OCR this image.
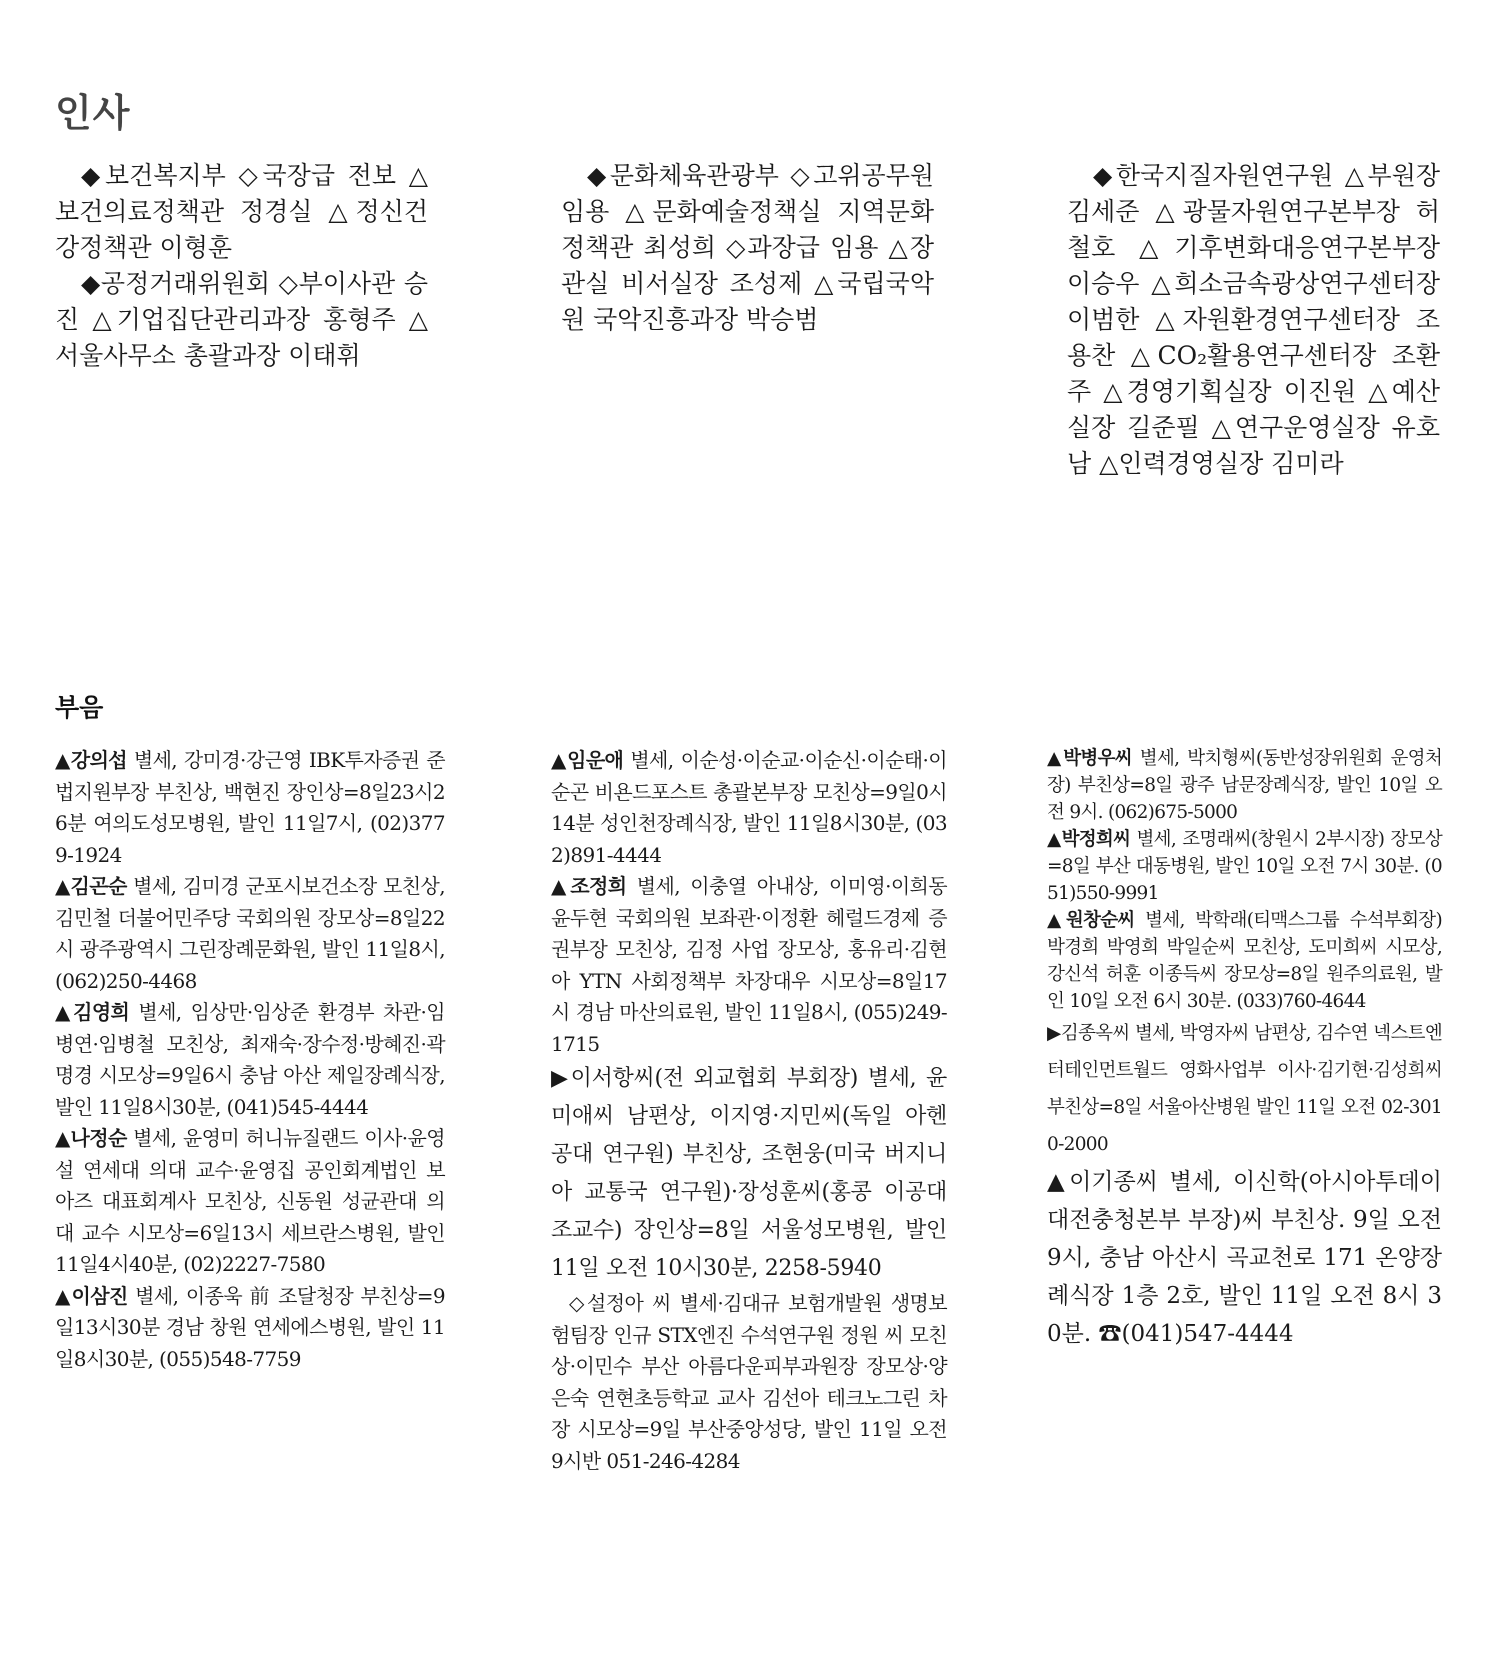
인사

◆보건복지부 ◇국장급 전보 △보건의료정책관 정경실 △정신건강정책관 이형훈

◆공정거래위원회 ◇부이사관 승진 △기업집단관리과장 홍형주 △서울사무소 총괄과장 이태휘

◆문화체육관광부 ◇고위공무원 임용 △문화예술정책실 지역문화정책관 최성희 ◇과장급 임용 △장관실 비서실장 조성제 △국립국악원 국악진흥과장 박승범

◆한국지질자원연구원 △부원장 김세준 △광물자원연구본부장 허철호 △기후변화대응연구본부장 이승우 △희소금속광상연구센터장 이범한 △자원환경연구센터장 조용찬 △CO₂활용연구센터장 조환주 △경영기획실장 이진원 △예산실장 길준필 △연구운영실장 유호남 △인력경영실장 김미라

부음

▲강의섭 별세, 강미경·강근영 IBK투자증권 준법지원부장 부친상, 백현진 장인상=8일23시26분 여의도성모병원, 발인 11일7시, (02)3779-1924

▲김곤순 별세, 김미경 군포시보건소장 모친상, 김민철 더불어민주당 국회의원 장모상=8일22시 광주광역시 그린장례문화원, 발인 11일8시, (062)250-4468

▲김영희 별세, 임상만·임상준 환경부 차관·임병연·임병철 모친상, 최재숙·장수정·방혜진·곽명경 시모상=9일6시 충남 아산 제일장례식장, 발인 11일8시30분, (041)545-4444

▲나정순 별세, 윤영미 허니뉴질랜드 이사·윤영설 연세대 의대 교수·윤영집 공인회계법인 보아즈 대표회계사 모친상, 신동원 성균관대 의대 교수 시모상=6일13시 세브란스병원, 발인 11일4시40분, (02)2227-7580

▲이삼진 별세, 이종욱 前 조달청장 부친상=9일13시30분 경남 창원 연세에스병원, 발인 11일8시30분, (055)548-7759

▲임운애 별세, 이순성·이순교·이순신·이순태·이순곤 비욘드포스트 총괄본부장 모친상=9일0시14분 성인천장례식장, 발인 11일8시30분, (032)891-4444

▲조정희 별세, 이충열 아내상, 이미영·이희동 윤두현 국회의원 보좌관·이정환 헤럴드경제 증권부장 모친상, 김정 사업 장모상, 홍유리·김현아 YTN 사회정책부 차장대우 시모상=8일17시 경남 마산의료원, 발인 11일8시, (055)249-1715

▶이서항씨(전 외교협회 부회장) 별세, 윤미애씨 남편상, 이지영·지민씨(독일 아헨공대 연구원) 부친상, 조현웅(미국 버지니아 교통국 연구원)·장성훈씨(홍콩 이공대 조교수) 장인상=8일 서울성모병원, 발인 11일 오전 10시30분, 2258-5940

◇설정아 씨 별세·김대규 보험개발원 생명보험팀장 인규 STX엔진 수석연구원 정원 씨 모친상·이민수 부산 아름다운피부과원장 장모상·양은숙 연현초등학교 교사 김선아 테크노그린 차장 시모상=9일 부산중앙성당, 발인 11일 오전 9시반 051-246-4284

▲박병우씨 별세, 박치형씨(동반성장위원회 운영처장) 부친상=8일 광주 남문장례식장, 발인 10일 오전 9시. (062)675-5000

▲박정희씨 별세, 조명래씨(창원시 2부시장) 장모상=8일 부산 대동병원, 발인 10일 오전 7시 30분. (051)550-9991

▲원창순씨 별세, 박학래(티맥스그룹 수석부회장) 박경희 박영희 박일순씨 모친상, 도미희씨 시모상, 강신석 허훈 이종득씨 장모상=8일 원주의료원, 발인 10일 오전 6시 30분. (033)760-4644

▶김종옥씨 별세, 박영자씨 남편상, 김수연 넥스트엔터테인먼트월드 영화사업부 이사·김기현·김성희씨 부친상=8일 서울아산병원 발인 11일 오전 02-3010-2000

▲이기종씨 별세, 이신학(아시아투데이 대전충청본부 부장)씨 부친상. 9일 오전 9시, 충남 아산시 곡교천로 171 온양장례식장 1층 2호, 발인 11일 오전 8시 30분. ☎(041)547-4444
